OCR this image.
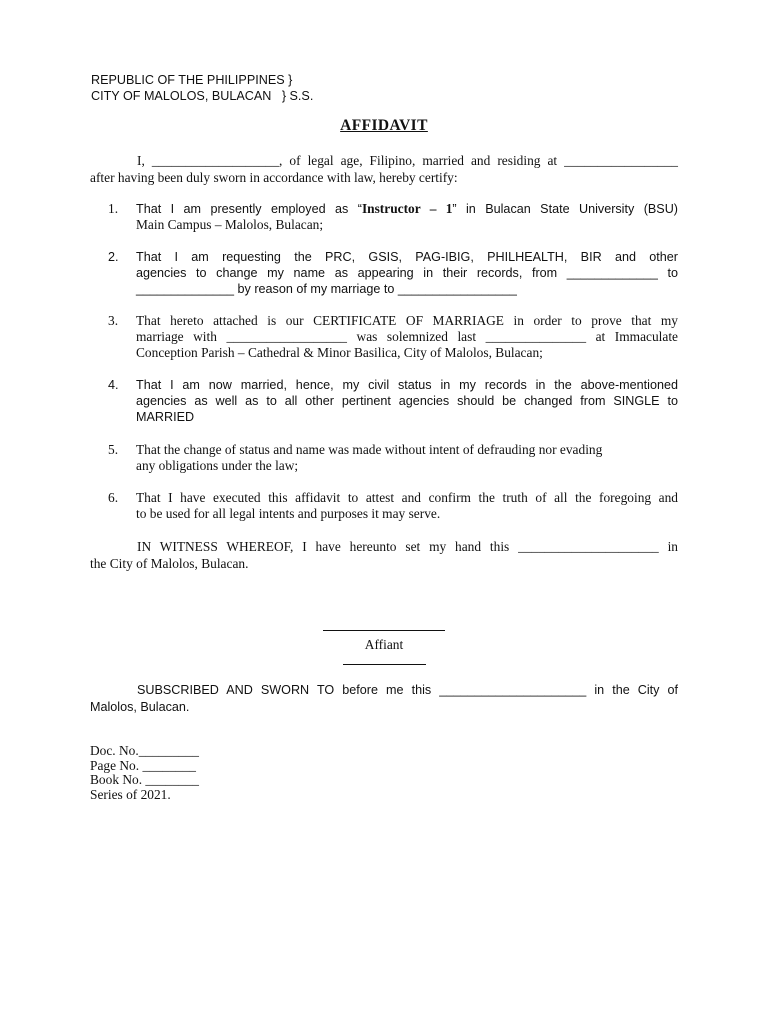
REPUBLIC OF THE PHILIPPINES }
CITY OF MALOLOS, BULACAN   } S.S.
AFFIDAVIT
I, ___________________, of legal age, Filipino, married and residing at _________________
after having been duly sworn in accordance with law, hereby certify:
1.	That I am presently employed as “Instructor – 1” in Bulacan State University (BSU)
Main Campus – Malolos, Bulacan;
2.	That I am requesting the PRC, GSIS, PAG-IBIG, PHILHEALTH, BIR and other
agencies to change my name as appearing in their records, from _____________ to
______________ by reason of my marriage to _________________
3.	That hereto attached is our CERTIFICATE OF MARRIAGE in order to prove that my
marriage with __________________ was solemnized last _______________ at Immaculate
Conception Parish – Cathedral & Minor Basilica, City of Malolos, Bulacan;
4.	That I am now married, hence, my civil status in my records in the above-mentioned
agencies as well as to all other pertinent agencies should be changed from SINGLE to
MARRIED
5.	That the change of status and name was made without intent of defrauding nor evading
any obligations under the law;
6.	That I have executed this affidavit to attest and confirm the truth of all the foregoing and
to be used for all legal intents and purposes it may serve.
IN WITNESS WHEREOF, I have hereunto set my hand this _____________________ in
the City of Malolos, Bulacan.
Affiant
SUBSCRIBED AND SWORN TO before me this _____________________ in the City of
Malolos, Bulacan.
Doc. No._________
Page No. ________
Book No. ________
Series of 2021.
